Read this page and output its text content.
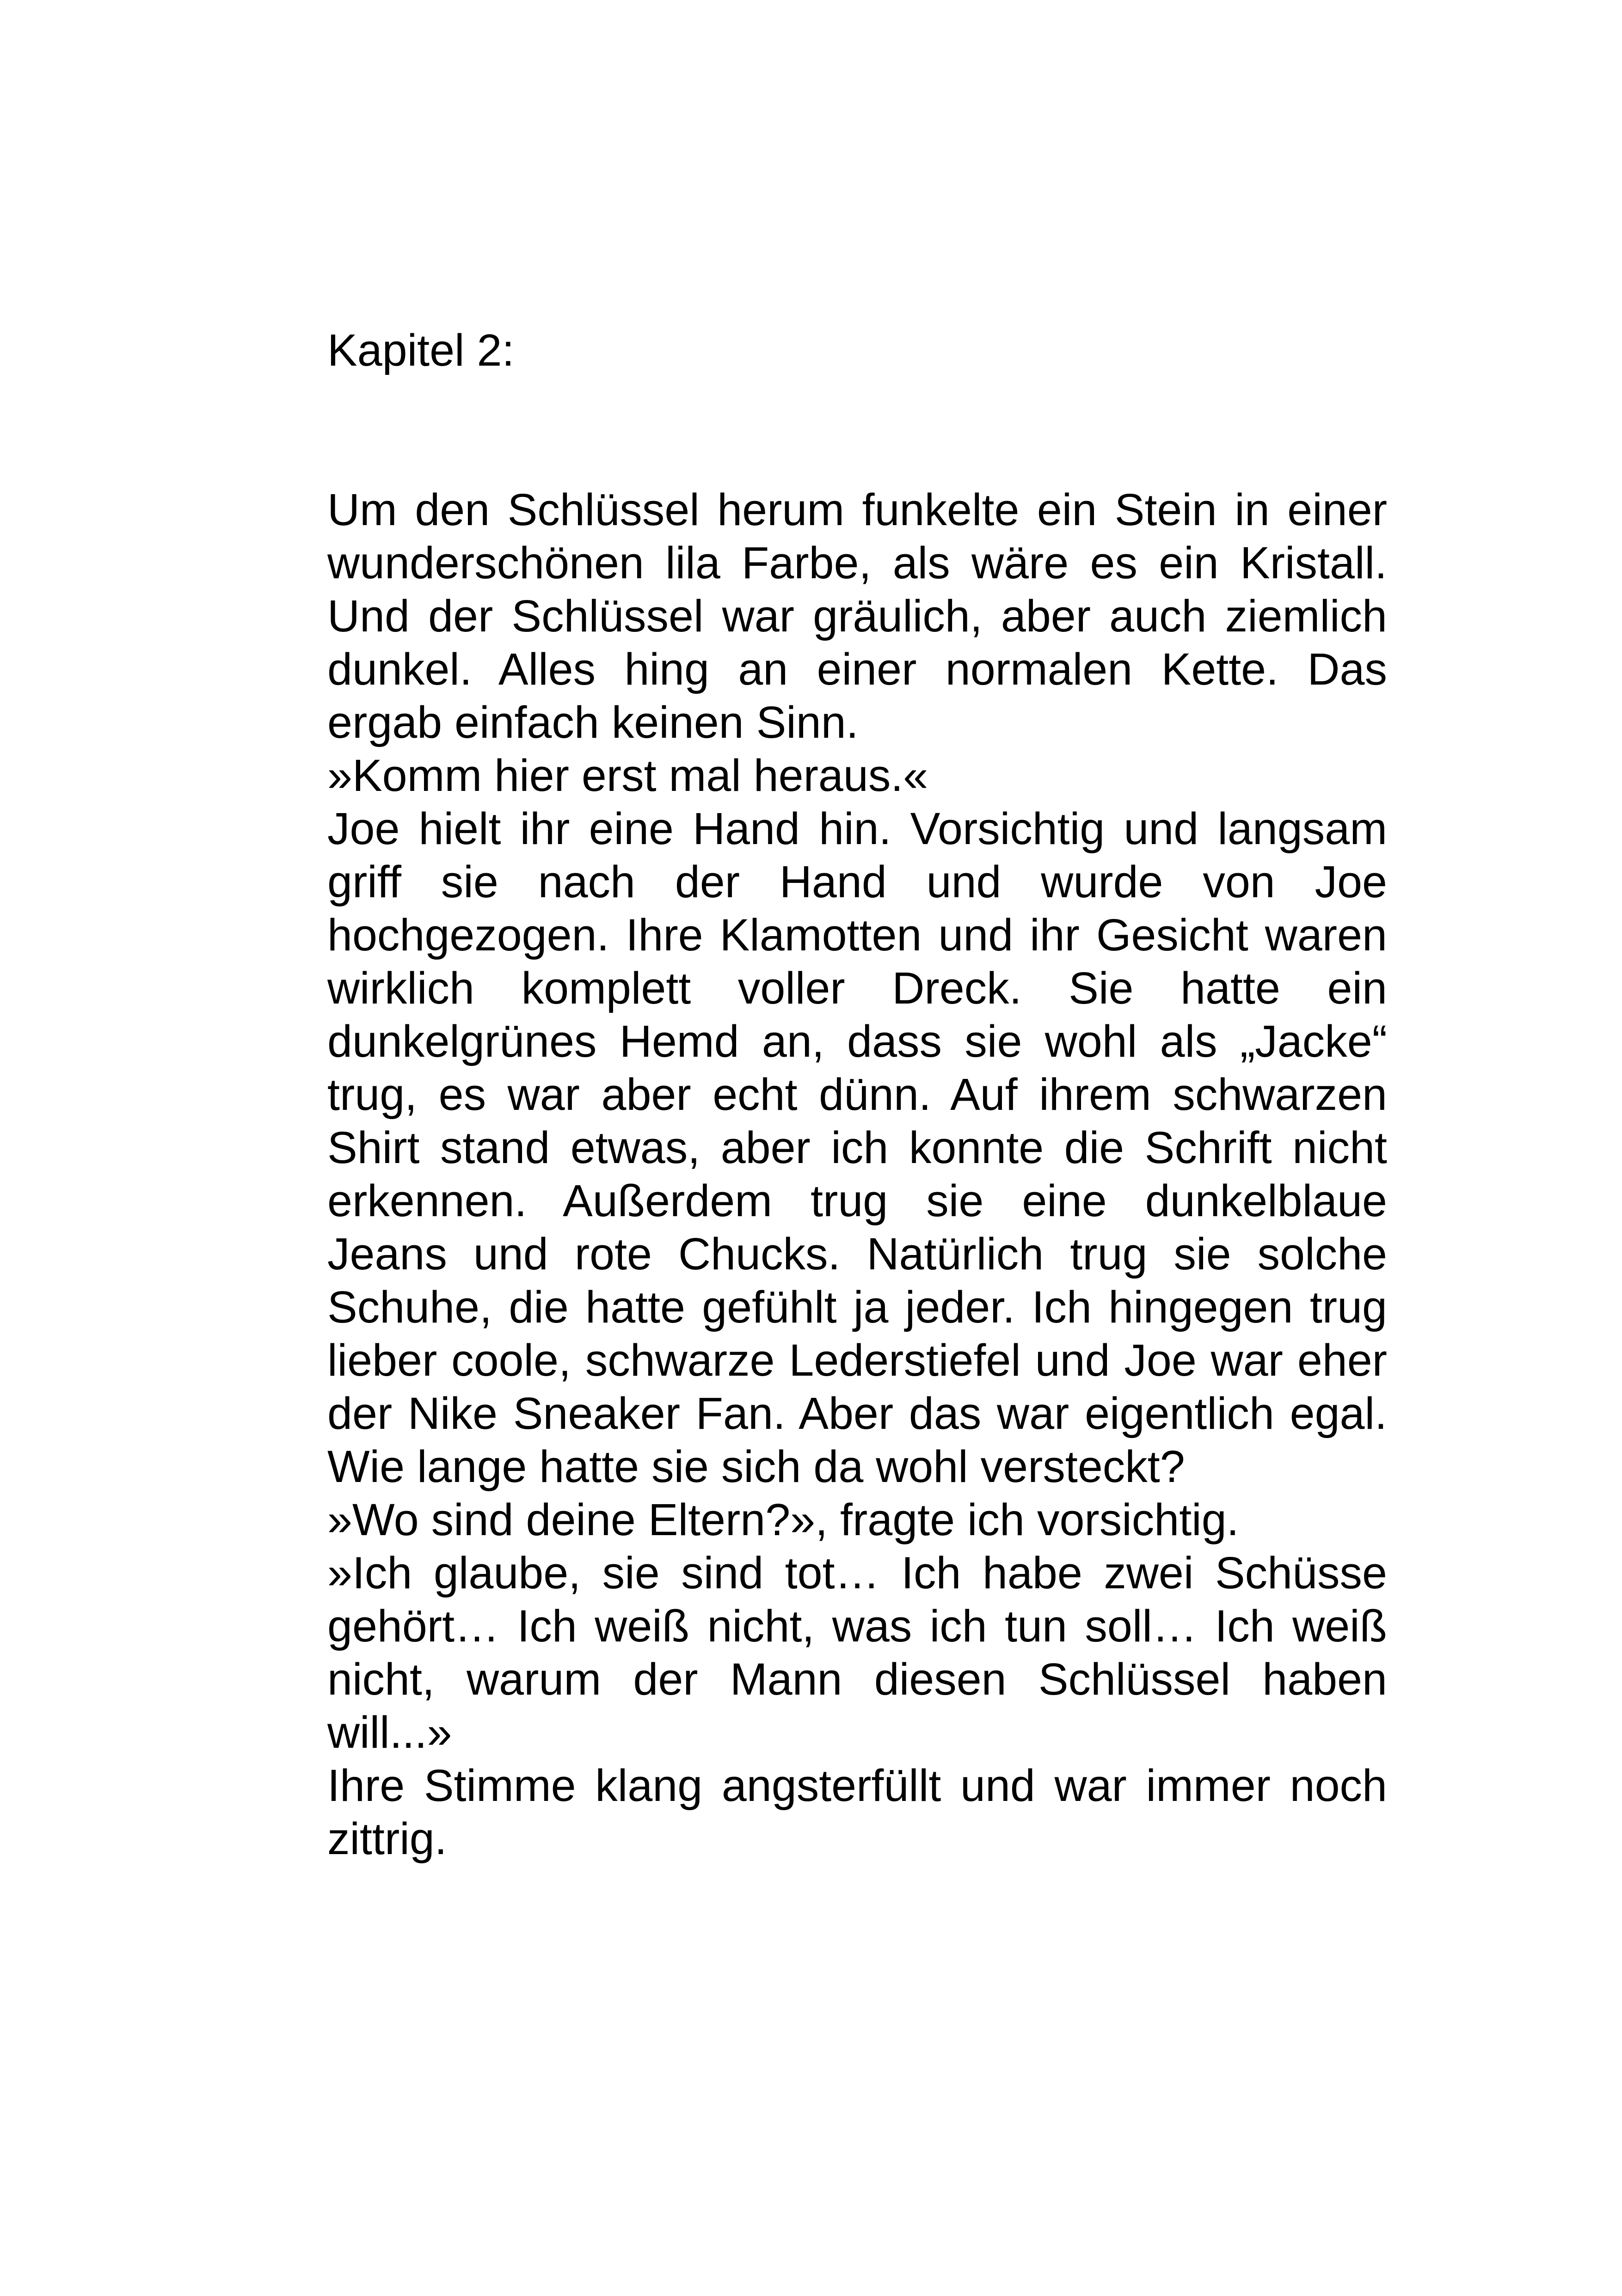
Kapitel 2:

Um den Schlüssel herum funkelte ein Stein in einer wunderschönen lila Farbe, als wäre es ein Kristall. Und der Schlüssel war gräulich, aber auch ziemlich dunkel. Alles hing an einer normalen Kette. Das ergab einfach keinen Sinn.

»Komm hier erst mal heraus.«

Joe hielt ihr eine Hand hin. Vorsichtig und langsam griff sie nach der Hand und wurde von Joe hochgezogen. Ihre Klamotten und ihr Gesicht waren wirklich komplett voller Dreck. Sie hatte ein dunkelgrünes Hemd an, dass sie wohl als „Jacke“ trug, es war aber echt dünn. Auf ihrem schwarzen Shirt stand etwas, aber ich konnte die Schrift nicht erkennen. Außerdem trug sie eine dunkelblaue Jeans und rote Chucks. Natürlich trug sie solche Schuhe, die hatte gefühlt ja jeder. Ich hingegen trug lieber coole, schwarze Lederstiefel und Joe war eher der Nike Sneaker Fan. Aber das war eigentlich egal. Wie lange hatte sie sich da wohl versteckt?

»Wo sind deine Eltern?», fragte ich vorsichtig.

»Ich glaube, sie sind tot… Ich habe zwei Schüsse gehört… Ich weiß nicht, was ich tun soll… Ich weiß nicht, warum der Mann diesen Schlüssel haben will...»

Ihre Stimme klang angsterfüllt und war immer noch zittrig.
